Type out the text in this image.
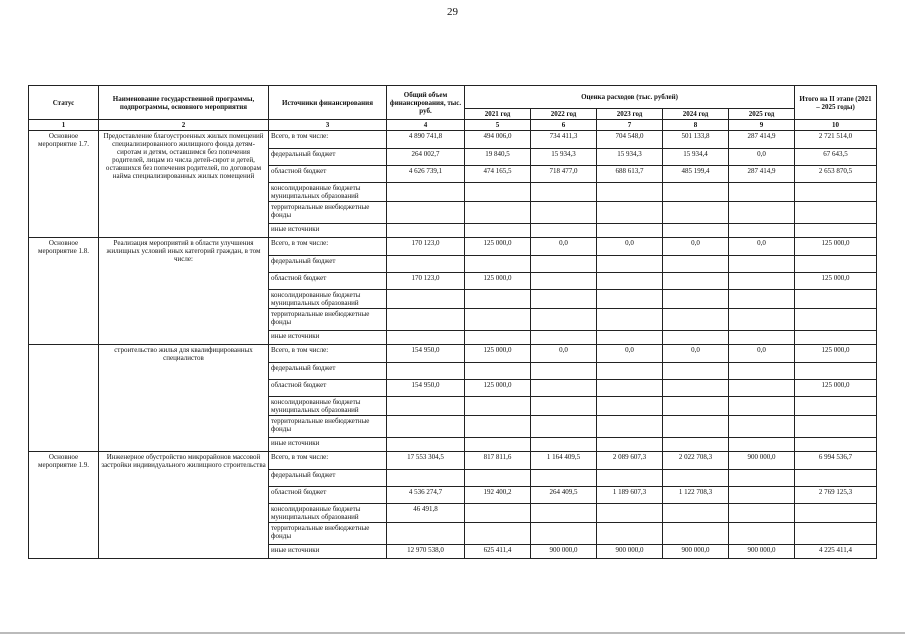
29
Статус	Наименование государственной программы, подпрограммы, основного мероприятия	Источники финансирования	Общий объем финансирования, тыс. руб.	Оценка расходов (тыс. рублей)					Итого на II этапе (2021 – 2025 годы)
				2021 год	2022 год	2023 год	2024 год	2025 год	
1	2	3	4	5	6	7	8	9	10
Основное мероприятие 1.7.	Предоставление благоустроенных жилых помещений специализированного жилищного фонда детям-сиротам и детям, оставшимся без попечения родителей, лицам из числа детей-сирот и детей, оставшихся без попечения родителей, по договорам найма специализированных жилых помещений	Всего, в том числе:	4 890 741,8	494 006,0	734 411,3	704 548,0	501 133,8	287 414,9	2 721 514,0
		федеральный бюджет	264 002,7	19 840,5	15 934,3	15 934,3	15 934,4	0,0	67 643,5
		областной бюджет	4 626 739,1	474 165,5	718 477,0	688 613,7	485 199,4	287 414,9	2 653 870,5
		консолидированные бюджеты муниципальных образований							
		территориальные внебюджетные фонды							
		иные источники							
Основное мероприятие 1.8.	Реализация мероприятий в области улучшения жилищных условий иных категорий граждан, в том числе:	Всего, в том числе:	170 123,0	125 000,0	0,0	0,0	0,0	0,0	125 000,0
		федеральный бюджет							
		областной бюджет	170 123,0	125 000,0					125 000,0
		консолидированные бюджеты муниципальных образований							
		территориальные внебюджетные фонды							
		иные источники							
	строительство жилья для квалифицированных специалистов	Всего, в том числе:	154 950,0	125 000,0	0,0	0,0	0,0	0,0	125 000,0
		федеральный бюджет							
		областной бюджет	154 950,0	125 000,0					125 000,0
		консолидированные бюджеты муниципальных образований							
		территориальные внебюджетные фонды							
		иные источники							
Основное мероприятие 1.9.	Инженерное обустройство микрорайонов массовой застройки индивидуального жилищного строительства	Всего, в том числе:	17 553 304,5	817 811,6	1 164 409,5	2 089 607,3	2 022 708,3	900 000,0	6 994 536,7
		федеральный бюджет							
		областной бюджет	4 536 274,7	192 400,2	264 409,5	1 189 607,3	1 122 708,3		2 769 125,3
		консолидированные бюджеты муниципальных образований	46 491,8						
		территориальные внебюджетные фонды							
		иные источники	12 970 538,0	625 411,4	900 000,0	900 000,0	900 000,0	900 000,0	4 225 411,4
